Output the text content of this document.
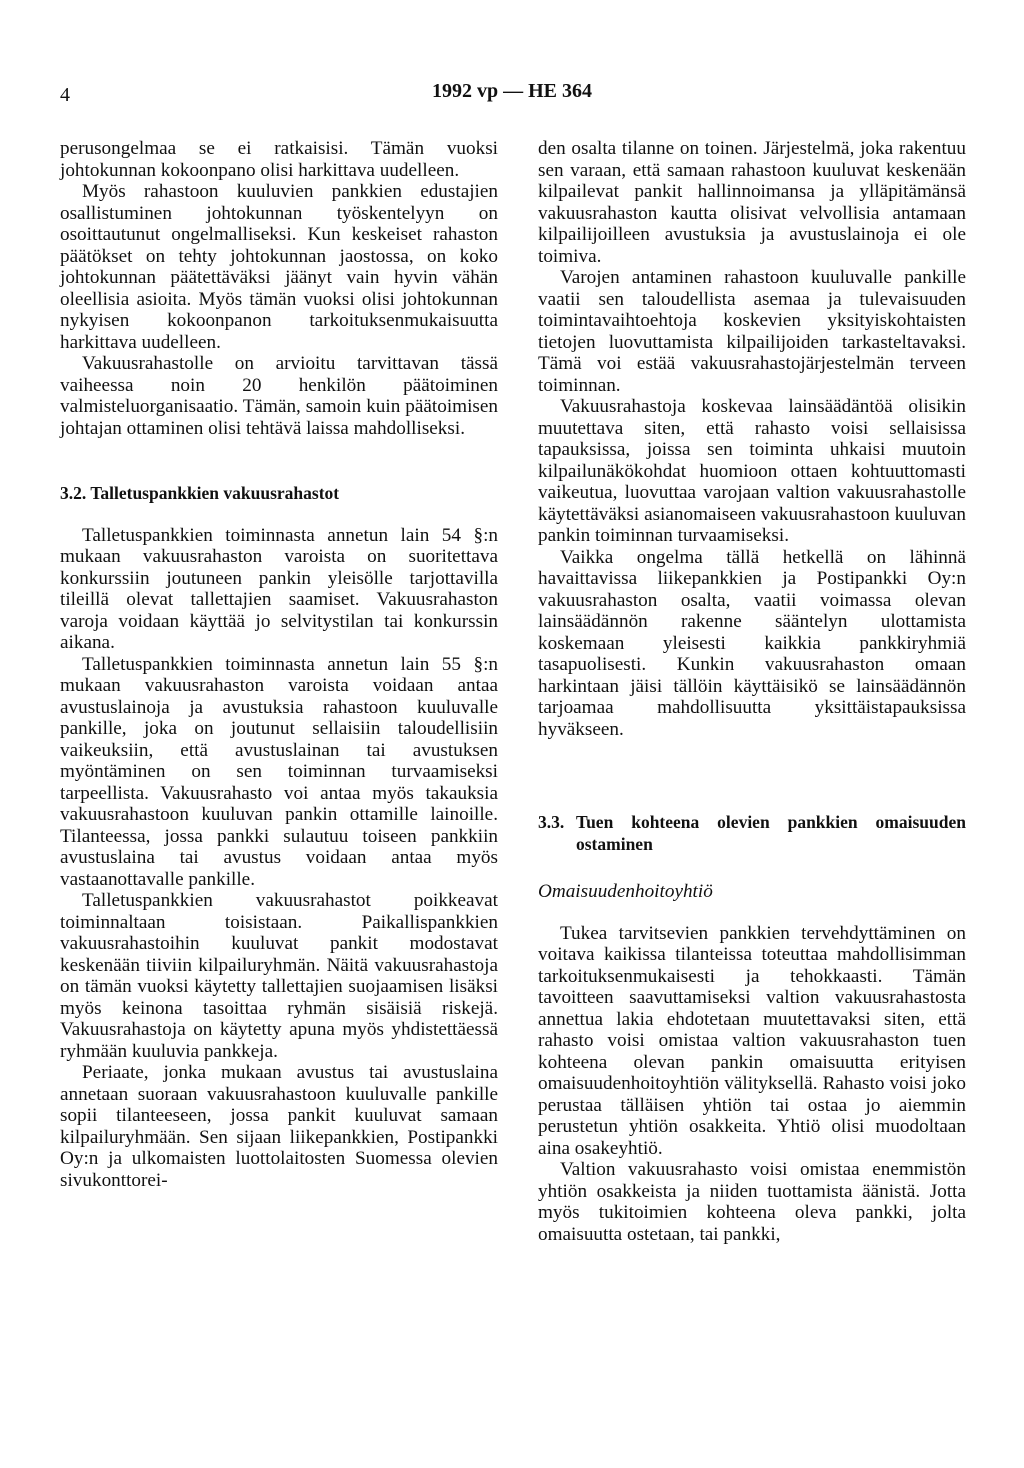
4	1992 vp — HE 364

perusongelmaa se ei ratkaisisi. Tämän vuoksi johtokunnan kokoonpano olisi harkittava uudelleen.

Myös rahastoon kuuluvien pankkien edustajien osallistuminen johtokunnan työskentelyyn on osoittautunut ongelmalliseksi. Kun keskeiset rahaston päätökset on tehty johtokunnan jaostossa, on koko johtokunnan päätettäväksi jäänyt vain hyvin vähän oleellisia asioita. Myös tämän vuoksi olisi johtokunnan nykyisen kokoonpanon tarkoituksenmukaisuutta harkittava uudelleen.

Vakuusrahastolle on arvioitu tarvittavan tässä vaiheessa noin 20 henkilön päätoiminen valmisteluorganisaatio. Tämän, samoin kuin päätoimisen johtajan ottaminen olisi tehtävä laissa mahdolliseksi.

3.2. Talletuspankkien vakuusrahastot

Talletuspankkien toiminnasta annetun lain 54 §:n mukaan vakuusrahaston varoista on suoritettava konkurssiin joutuneen pankin yleisölle tarjottavilla tileillä olevat tallettajien saamiset. Vakuusrahaston varoja voidaan käyttää jo selvitystilan tai konkurssin aikana.

Talletuspankkien toiminnasta annetun lain 55 §:n mukaan vakuusrahaston varoista voidaan antaa avustuslainoja ja avustuksia rahastoon kuuluvalle pankille, joka on joutunut sellaisiin taloudellisiin vaikeuksiin, että avustuslainan tai avustuksen myöntäminen on sen toiminnan turvaamiseksi tarpeellista. Vakuusrahasto voi antaa myös takauksia vakuusrahastoon kuuluvan pankin ottamille lainoille. Tilanteessa, jossa pankki sulautuu toiseen pankkiin avustuslaina tai avustus voidaan antaa myös vastaanottavalle pankille.

Talletuspankkien vakuusrahastot poikkeavat toiminnaltaan toisistaan. Paikallispankkien vakuusrahastoihin kuuluvat pankit modostavat keskenään tiiviin kilpailuryhmän. Näitä vakuusrahastoja on tämän vuoksi käytetty tallettajien suojaamisen lisäksi myös keinona tasoittaa ryhmän sisäisiä riskejä. Vakuusrahastoja on käytetty apuna myös yhdistettäessä ryhmään kuuluvia pankkeja.

Periaate, jonka mukaan avustus tai avustuslaina annetaan suoraan vakuusrahastoon kuuluvalle pankille sopii tilanteeseen, jossa pankit kuuluvat samaan kilpailuryhmään. Sen sijaan liikepankkien, Postipankki Oy:n ja ulkomaisten luottolaitosten Suomessa olevien sivukonttorei-

den osalta tilanne on toinen. Järjestelmä, joka rakentuu sen varaan, että samaan rahastoon kuuluvat keskenään kilpailevat pankit hallinnoimansa ja ylläpitämänsä vakuusrahaston kautta olisivat velvollisia antamaan kilpailijoilleen avustuksia ja avustuslainoja ei ole toimiva.

Varojen antaminen rahastoon kuuluvalle pankille vaatii sen taloudellista asemaa ja tulevaisuuden toimintavaihtoehtoja koskevien yksityiskohtaisten tietojen luovuttamista kilpailijoiden tarkasteltavaksi. Tämä voi estää vakuusrahastojärjestelmän terveen toiminnan.

Vakuusrahastoja koskevaa lainsäädäntöä olisikin muutettava siten, että rahasto voisi sellaisissa tapauksissa, joissa sen toiminta uhkaisi muutoin kilpailunäkökohdat huomioon ottaen kohtuuttomasti vaikeutua, luovuttaa varojaan valtion vakuusrahastolle käytettäväksi asianomaiseen vakuusrahastoon kuuluvan pankin toiminnan turvaamiseksi.

Vaikka ongelma tällä hetkellä on lähinnä havaittavissa liikepankkien ja Postipankki Oy:n vakuusrahaston osalta, vaatii voimassa olevan lainsäädännön rakenne sääntelyn ulottamista koskemaan yleisesti kaikkia pankkiryhmiä tasapuolisesti. Kunkin vakuusrahaston omaan harkintaan jäisi tällöin käyttäisikö se lainsäädännön tarjoamaa mahdollisuutta yksittäistapauksissa hyväkseen.

3.3. Tuen kohteena olevien pankkien omaisuuden ostaminen
Omaisuudenhoitoyhtiö

Tukea tarvitsevien pankkien tervehdyttäminen on voitava kaikissa tilanteissa toteuttaa mahdollisimman tarkoituksenmukaisesti ja tehokkaasti. Tämän tavoitteen saavuttamiseksi valtion vakuusrahastosta annettua lakia ehdotetaan muutettavaksi siten, että rahasto voisi omistaa valtion vakuusrahaston tuen kohteena olevan pankin omaisuutta erityisen omaisuudenhoitoyhtiön välityksellä. Rahasto voisi joko perustaa tälläisen yhtiön tai ostaa jo aiemmin perustetun yhtiön osakkeita. Yhtiö olisi muodoltaan aina osakeyhtiö.

Valtion vakuusrahasto voisi omistaa enemmistön yhtiön osakkeista ja niiden tuottamista äänistä. Jotta myös tukitoimien kohteena oleva pankki, jolta omaisuutta ostetaan, tai pankki,
